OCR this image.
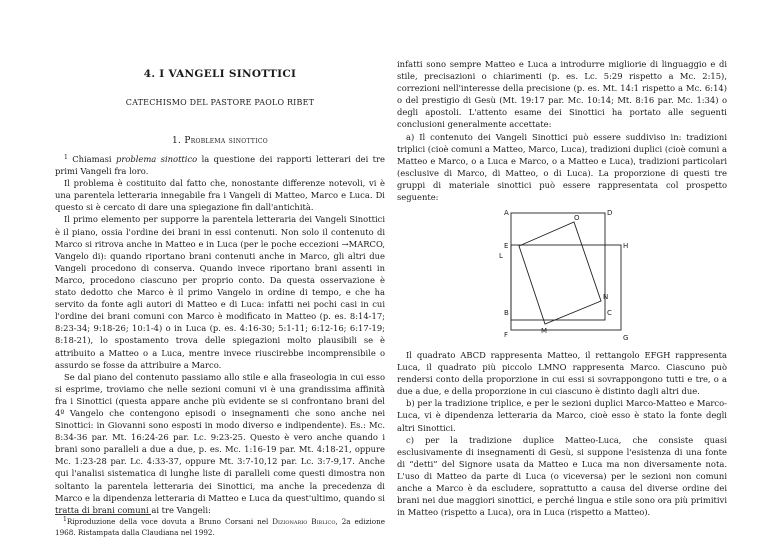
4. I VANGELI SINOTTICI
CATECHISMO DEL PASTORE PAOLO RIBET
1. Problema sinottico

$^1$ Chiamasi problema sinottico la questione dei rapporti letterari dei tre primi Vangeli fra loro.

Il problema è costituito dal fatto che, nonostante differenze notevoli, vi è una parentela letteraria innegabile fra i Vangeli di Matteo, Marco e Luca. Di questo si è cercato di dare una spiegazione fin dall'antichità.

Il primo elemento per supporre la parentela letteraria dei Vangeli Sinottici è il piano, ossia l'ordine dei brani in essi contenuti. Non solo il contenuto di Marco si ritrova anche in Matteo e in Luca (per le poche eccezioni →MARCO, Vangelo di): quando riportano brani contenuti anche in Marco, gli altri due Vangeli procedono di conserva. Quando invece riportano brani assenti in Marco, procedono ciascuno per proprio conto. Da questa osservazione è stato dedotto che Marco è il primo Vangelo in ordine di tempo, e che ha servito da fonte agli autori di Matteo e di Luca: infatti nei pochi casi in cui l'ordine dei brani comuni con Marco è modificato in Matteo (p. es. 8:14-17; 8:23-34; 9:18-26; 10:1-4) o in Luca (p. es. 4:16-30; 5:1-11; 6:12-16; 6:17-19; 8:18-21), lo spostamento trova delle spiegazioni molto plausibili se è attribuito a Matteo o a Luca, mentre invece riuscirebbe incomprensibile o assurdo se fosse da attribuire a Marco.

Se dal piano del contenuto passiamo allo stile e alla fraseologia in cui esso si esprime, troviamo che nelle sezioni comuni vi è una grandissima affinità fra i Sinottici (questa appare anche più evidente se si confrontano brani del 4º Vangelo che contengono episodi o insegnamenti che sono anche nei Sinottici: in Giovanni sono esposti in modo diverso e indipendente). Es.: Mc. 8:34-36 par. Mt. 16:24-26 par. Lc. 9:23-25. Questo è vero anche quando i brani sono paralleli a due a due, p. es. Mc. 1:16-19 par. Mt. 4:18-21, oppure Mc. 1:23-28 par. Lc. 4:33-37, oppure Mt. 3:7-10,12 par. Lc. 3:7-9,17. Anche qui l'analisi sistematica di lunghe liste di paralleli come questi dimostra non soltanto la parentela letteraria dei Sinottici, ma anche la precedenza di Marco e la dipendenza letteraria di Matteo e Luca da quest'ultimo, quando si tratta di brani comuni ai tre Vangeli:

$^1$Riproduzione della voce dovuta a Bruno Corsani nel Dizionario Biblico, 2a edizione 1968. Ristampata dalla Claudiana nel 1992.

infatti sono sempre Matteo e Luca a introdurre migliorie di linguaggio e di stile, precisazioni o chiarimenti (p. es. Lc. 5:29 rispetto a Mc. 2:15), correzioni nell'interesse della precisione (p. es. Mt. 14:1 rispetto a Mc. 6:14) o del prestigio di Gesù (Mt. 19:17 par. Mc. 10:14; Mt. 8:16 par. Mc. 1:34) o degli apostoli. L'attento esame dei Sinottici ha portato alle seguenti conclusioni generalmente accettate:

a) Il contenuto dei Vangeli Sinottici può essere suddiviso in: tradizioni triplici (cioè comuni a Matteo, Marco, Luca), tradizioni duplici (cioè comuni a Matteo e Marco, o a Luca e Marco, o a Matteo e Luca), tradizioni particolari (esclusive di Marco, di Matteo, o di Luca). La proporzione di questi tre gruppi di materiale sinottici può essere rappresentata col prospetto seguente:

A	D
O
E	H
L
N
B	C
M
F	G

Il quadrato ABCD rappresenta Matteo, il rettangolo EFGH rappresenta Luca, il quadrato più piccolo LMNO rappresenta Marco. Ciascuno può rendersi conto della proporzione in cui essi si sovrappongono tutti e tre, o a due a due, e della proporzione in cui ciascuno è distinto dagli altri due.

b) per la tradizione triplice, e per le sezioni duplici Marco-Matteo e Marco-Luca, vi è dipendenza letteraria da Marco, cioè esso è stato la fonte degli altri Sinottici.

c) per la tradizione duplice Matteo-Luca, che consiste quasi esclusivamente di insegnamenti di Gesù, si suppone l'esistenza di una fonte di “detti” del Signore usata da Matteo e Luca ma non diversamente nota. L'uso di Matteo da parte di Luca (o viceversa) per le sezioni non comuni anche a Marco è da escludere, soprattutto a causa del diverse ordine dei brani nei due maggiori sinottici, e perché lingua e stile sono ora più primitivi in Matteo (rispetto a Luca), ora in Luca (rispetto a Matteo).
